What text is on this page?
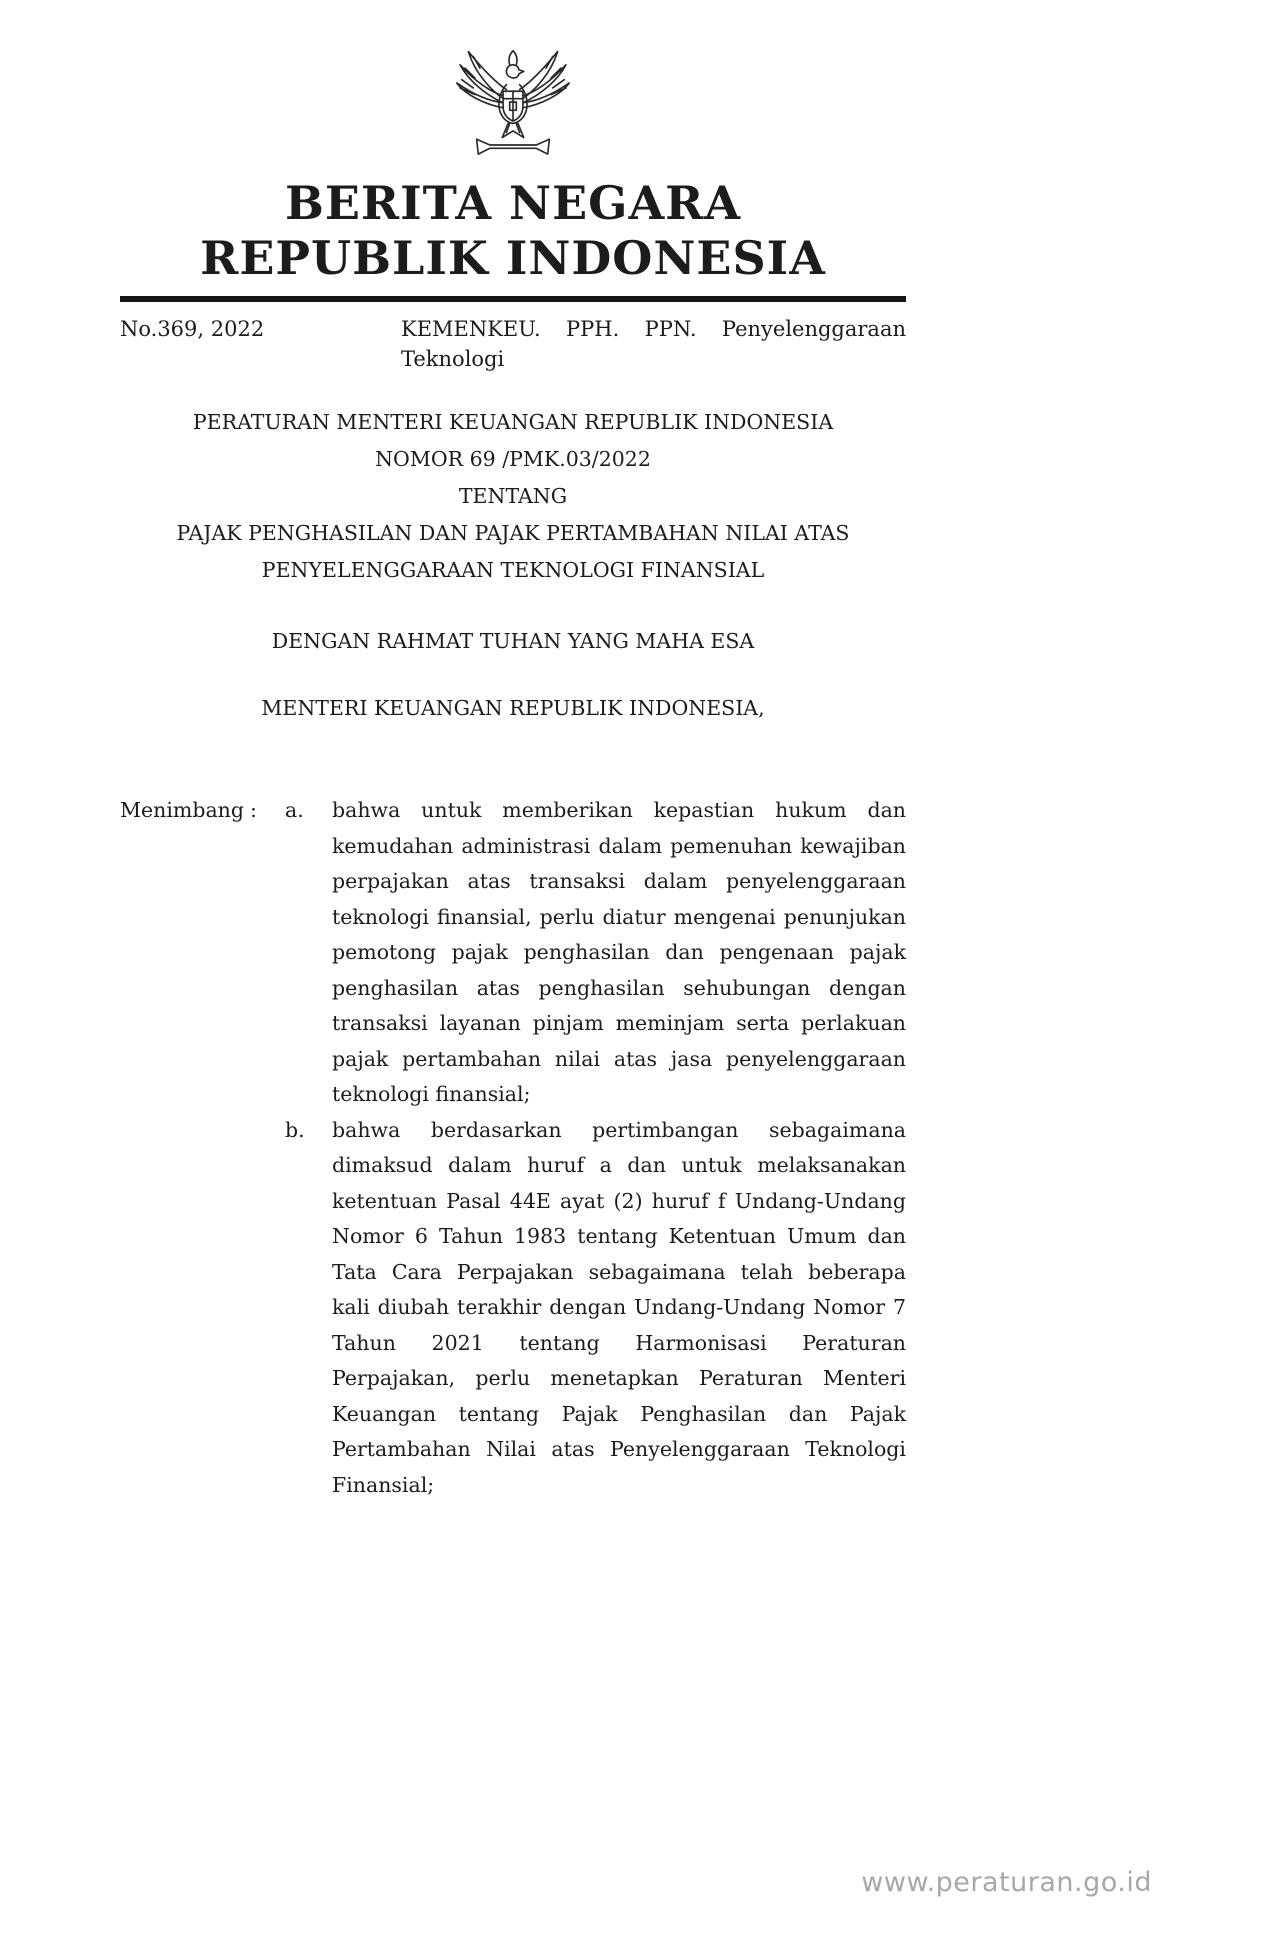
BERITA NEGARA
REPUBLIK INDONESIA
No.369, 2022	KEMENKEU. PPH. PPN. Penyelenggaraan
Teknologi
PERATURAN MENTERI KEUANGAN REPUBLIK INDONESIA
NOMOR 69 /PMK.03/2022
TENTANG
PAJAK PENGHASILAN DAN PAJAK PERTAMBAHAN NILAI ATAS
PENYELENGGARAAN TEKNOLOGI FINANSIAL
DENGAN RAHMAT TUHAN YANG MAHA ESA
MENTERI KEUANGAN REPUBLIK INDONESIA,
Menimbang :	a.	bahwa untuk memberikan kepastian hukum dan kemudahan administrasi dalam pemenuhan kewajiban perpajakan atas transaksi dalam penyelenggaraan teknologi finansial, perlu diatur mengenai penunjukan pemotong pajak penghasilan dan pengenaan pajak penghasilan atas penghasilan sehubungan dengan transaksi layanan pinjam meminjam serta perlakuan pajak pertambahan nilai atas jasa penyelenggaraan teknologi finansial;
b.	bahwa berdasarkan pertimbangan sebagaimana dimaksud dalam huruf a dan untuk melaksanakan ketentuan Pasal 44E ayat (2) huruf f Undang-Undang Nomor 6 Tahun 1983 tentang Ketentuan Umum dan Tata Cara Perpajakan sebagaimana telah beberapa kali diubah terakhir dengan Undang-Undang Nomor 7 Tahun 2021 tentang Harmonisasi Peraturan Perpajakan, perlu menetapkan Peraturan Menteri Keuangan tentang Pajak Penghasilan dan Pajak Pertambahan Nilai atas Penyelenggaraan Teknologi Finansial;
www.peraturan.go.id
